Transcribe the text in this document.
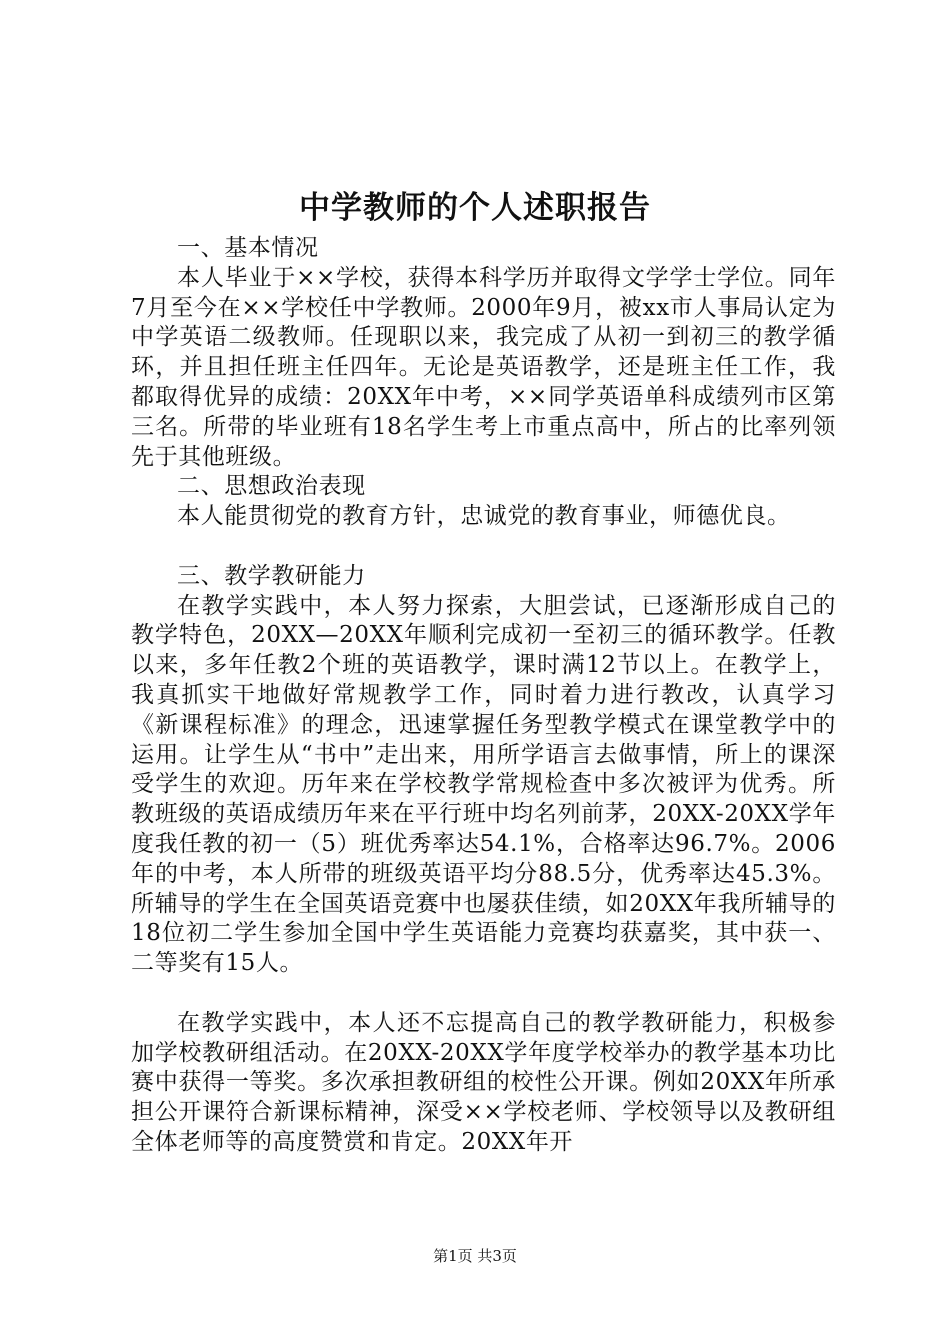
中学教师的个人述职报告

一、基本情况

本人毕业于××学校，获得本科学历并取得文学学士学位。同年7月至今在××学校任中学教师。2000年9月，被xx市人事局认定为中学英语二级教师。任现职以来，我完成了从初一到初三的教学循环，并且担任班主任四年。无论是英语教学，还是班主任工作，我都取得优异的成绩：20XX年中考，××同学英语单科成绩列市区第三名。所带的毕业班有18名学生考上市重点高中，所占的比率列领先于其他班级。

二、思想政治表现

本人能贯彻党的教育方针，忠诚党的教育事业，师德优良。

三、教学教研能力

在教学实践中，本人努力探索，大胆尝试，已逐渐形成自己的教学特色，20XX—20XX年顺利完成初一至初三的循环教学。任教以来，多年任教2个班的英语教学，课时满12节以上。在教学上，我真抓实干地做好常规教学工作，同时着力进行教改，认真学习《新课程标准》的理念，迅速掌握任务型教学模式在课堂教学中的运用。让学生从“书中”走出来，用所学语言去做事情，所上的课深受学生的欢迎。历年来在学校教学常规检查中多次被评为优秀。所教班级的英语成绩历年来在平行班中均名列前茅，20XX-20XX学年度我任教的初一（5）班优秀率达54.1%，合格率达96.7%。2006年的中考，本人所带的班级英语平均分88.5分，优秀率达45.3%。所辅导的学生在全国英语竞赛中也屡获佳绩，如20XX年我所辅导的18位初二学生参加全国中学生英语能力竞赛均获嘉奖，其中获一、二等奖有15人。

在教学实践中，本人还不忘提高自己的教学教研能力，积极参加学校教研组活动。在20XX-20XX学年度学校举办的教学基本功比赛中获得一等奖。多次承担教研组的校性公开课。例如20XX年所承担公开课符合新课标精神，深受××学校老师、学校领导以及教研组全体老师等的高度赞赏和肯定。20XX年开

第1页 共3页
